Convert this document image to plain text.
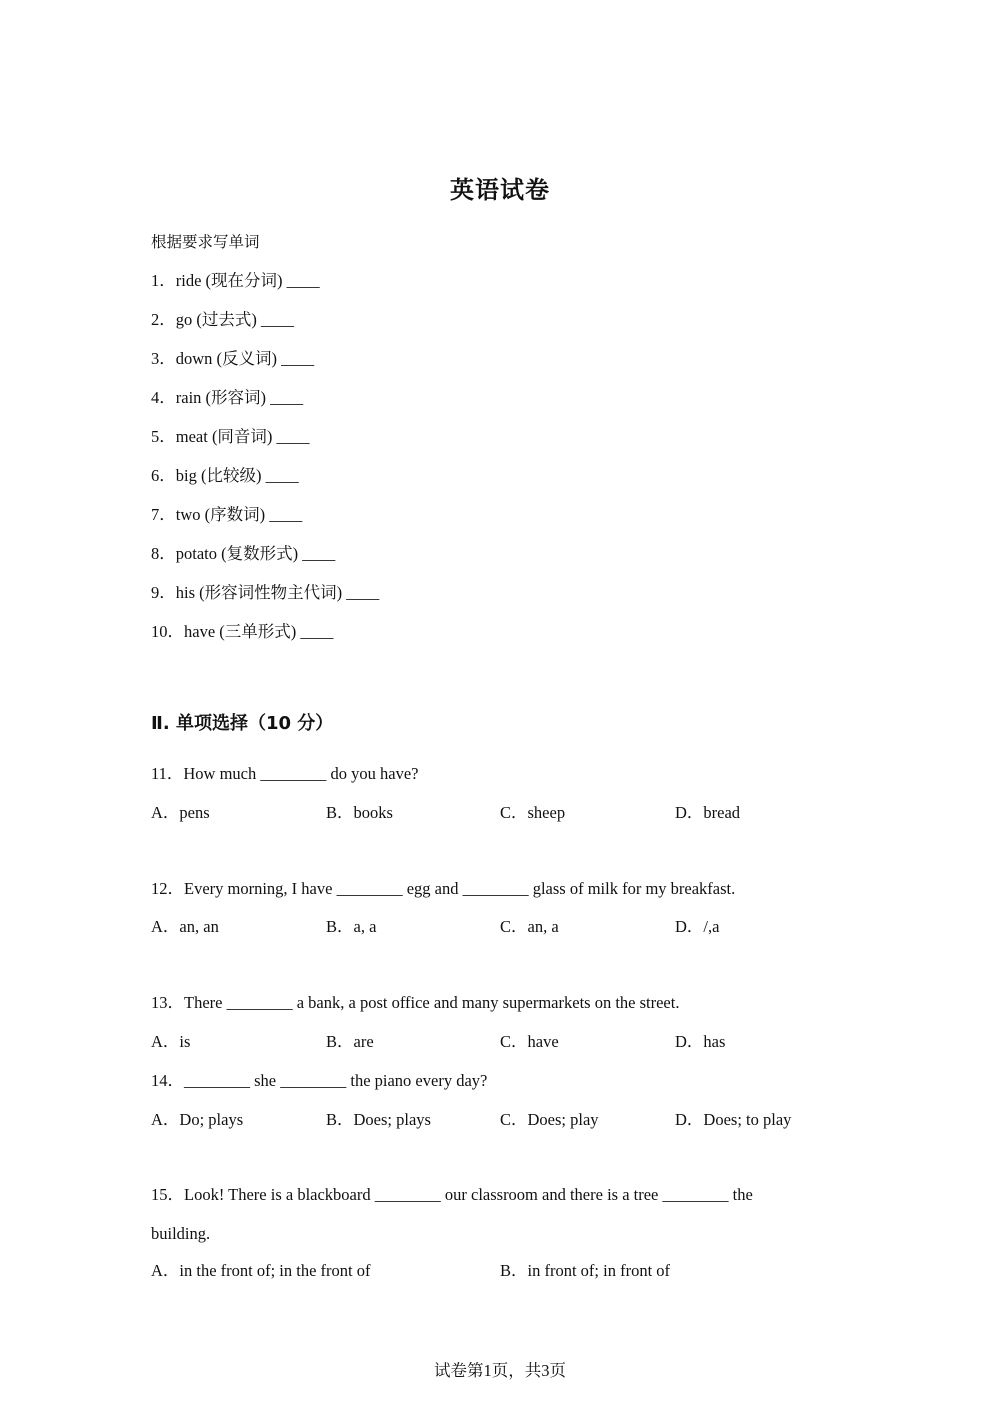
英语试卷
根据要求写单词
1．ride (现在分词) ____
2．go (过去式) ____
3．down (反义词) ____
4．rain (形容词) ____
5．meat (同音词) ____
6．big (比较级) ____
7．two (序数词) ____
8．potato (复数形式) ____
9．his (形容词性物主代词) ____
10．have (三单形式) ____
Ⅱ. 单项选择（10 分）
11．How much ________ do you have?
A．pens	B．books	C．sheep	D．bread
12．Every morning, I have ________ egg and ________ glass of milk for my breakfast.
A．an, an	B．a, a	C．an, a	D．/,a
13．There ________ a bank, a post office and many supermarkets on the street.
A．is	B．are	C．have	D．has
14．________ she ________ the piano every day?
A．Do; plays	B．Does; plays	C．Does; play	D．Does; to play
15．Look! There is a blackboard ________ our classroom and there is a tree ________ the
building.
A．in the front of; in the front of	B．in front of; in front of
试卷第1页，共3页
